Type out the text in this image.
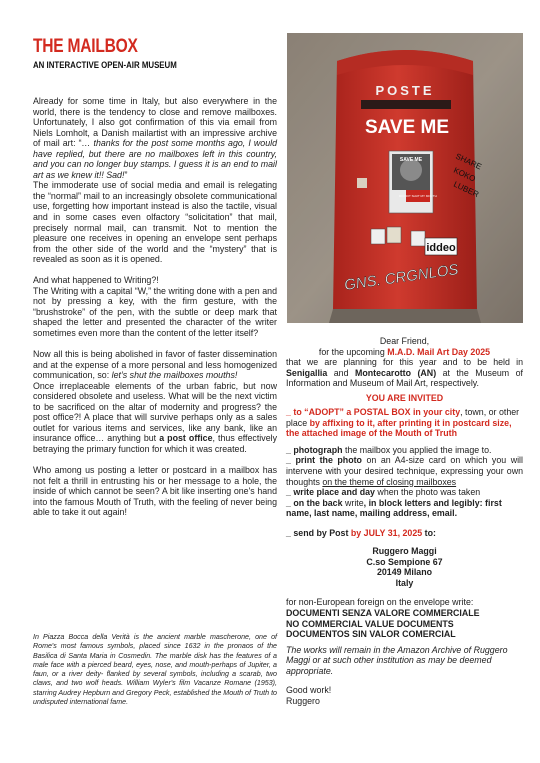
THE MAILBOX
AN INTERACTIVE OPEN-AIR MUSEUM

Already for some time in Italy, but also everywhere in the world, there is the tendency to close and remove mailboxes. Unfortunately, I also got confirmation of this via email from Niels Lomholt, a Danish mailartist with an impressive archive of mail art: “… thanks for the post some months ago, I would have replied, but there are no mailboxes left in this country, and you can no longer buy stamps. I guess it is an end to mail art as we knew it!! Sad!”

The immoderate use of social media and email is relegating the “normal” mail to an increasingly obsolete communicational use, forgetting how important instead is also the tactile, visual and in some cases even olfactory “solicitation” that mail, precisely normal mail, can transmit. Not to mention the pleasure one receives in opening an envelope sent perhaps from the other side of the world and the “mystery” that is revealed as soon as it is opened.

And what happened to Writing?!

The Writing with a capital “W,” the writing done with a pen and not by pressing a key, with the firm gesture, with the “brushstroke” of the pen, with the subtle or deep mark that shaped the letter and presented the character of the writer sometimes even more than the content of the letter itself?

Now all this is being abolished in favor of faster dissemination and at the expense of a more personal and less homogenized communication, so: let’s shut the mailboxes mouths!

Once irreplaceable elements of the urban fabric, but now considered obsolete and useless. What will be the next victim to be sacrificed on the altar of modernity and progress? the post office?! A place that will survive perhaps only as a sales outlet for various items and services, like any bank, like an insurance office… anything but a post office, thus effectively betraying the primary function for which it was created.

Who among us posting a letter or postcard in a mailbox has not felt a thrill in entrusting his or her message to a hole, the inside of which cannot be seen? A bit like inserting one's hand into the famous Mouth of Truth, with the feeling of never being able to take it out again!

In Piazza Bocca della Verità is the ancient marble mascherone, one of Rome's most famous symbols, placed since 1632 in the pronaos of the Basilica di Santa Maria in Cosmedin. The marble disk has the features of a male face with a pierced beard, eyes, nose, and mouth-perhaps of Jupiter, a faun, or a river deity- flanked by several symbols, including a scarab, two claws, and two wolf heads. William Wyler's film Vacanze Romane (1953), starring Audrey Hepburn and Gregory Peck, established the Mouth of Truth to undisputed international fame.
POSTE
SAVE ME
SHARE
KOKO
LUBER
SAVE ME
DO NOT SHUT MY MOUTH
iddeo
GNS. CRGNLOS

Dear Friend,

for the upcoming M.A.D. Mail Art Day 2025

that we are planning for this year and to be held in Senigallia and Montecarotto (AN) at the Museum of Information and Museum of Mail Art, respectively.

YOU ARE INVITED

_ to “ADOPT” a POSTAL BOX in your city, town, or other place by affixing to it, after printing it in postcard size, the attached image of the Mouth of Truth

_ photograph the mailbox you applied the image to.

_ print the photo on an A4-size card on which you will intervene with your desired technique, expressing your own thoughts on the theme of closing mailboxes

_ write place and day when the photo was taken

_ on the back write, in block letters and legibly: first name, last name, mailing address, email.

_ send by Post by JULY 31, 2025 to:

Ruggero Maggi

C.so Sempione 67

20149 Milano

Italy

for non-European foreign on the envelope write:

DOCUMENTI SENZA VALORE COMMERCIALE

NO COMMERCIAL VALUE DOCUMENTS

DOCUMENTOS SIN VALOR COMERCIAL

The works will remain in the Amazon Archive of Ruggero Maggi or at such other institution as may be deemed appropriate.

Good work!

Ruggero
